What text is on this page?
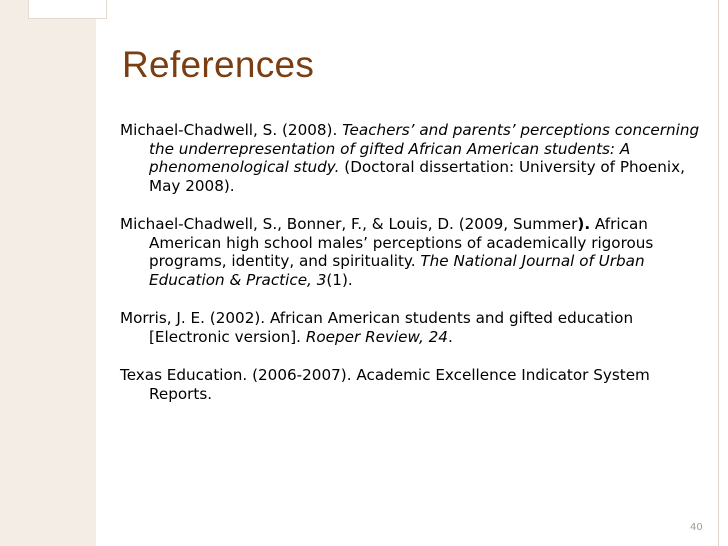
References

Michael-Chadwell, S. (2008). Teachers’ and parents’ perceptions concerning the underrepresentation of gifted African American students: A phenomenological study. (Doctoral dissertation: University of Phoenix, May 2008).

Michael-Chadwell, S., Bonner, F., & Louis, D. (2009, Summer). African American high school males’ perceptions of academically rigorous programs, identity, and spirituality. The National Journal of Urban Education & Practice, 3(1).

Morris, J. E. (2002). African American students and gifted education [Electronic version]. Roeper Review, 24.

Texas Education. (2006-2007). Academic Excellence Indicator System Reports.

40
